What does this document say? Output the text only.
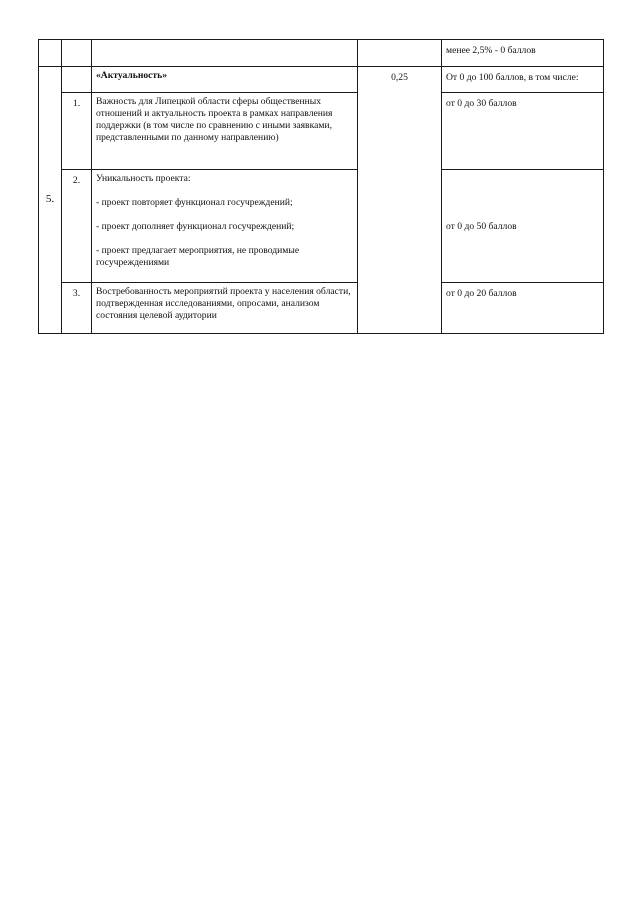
				менее 2,5% - 0 баллов
5.		«Актуальность»	0,25	От 0 до 100 баллов, в том числе:
	1.	Важность для Липецкой области сферы общественных отношений и актуальность проекта в рамках направления поддержки (в том числе по сравнению с иными заявками, представленными по данному направлению)		от 0 до 30 баллов
	2.	Уникальность проекта:
- проект повторяет функционал госучреждений;
- проект дополняет функционал госучреждений;
- проект предлагает мероприятия, не проводимые госучреждениями		от 0 до 50 баллов
	3.	Востребованность мероприятий проекта у населения области, подтвержденная исследованиями, опросами, анализом состояния целевой аудитории		от 0 до 20 баллов
